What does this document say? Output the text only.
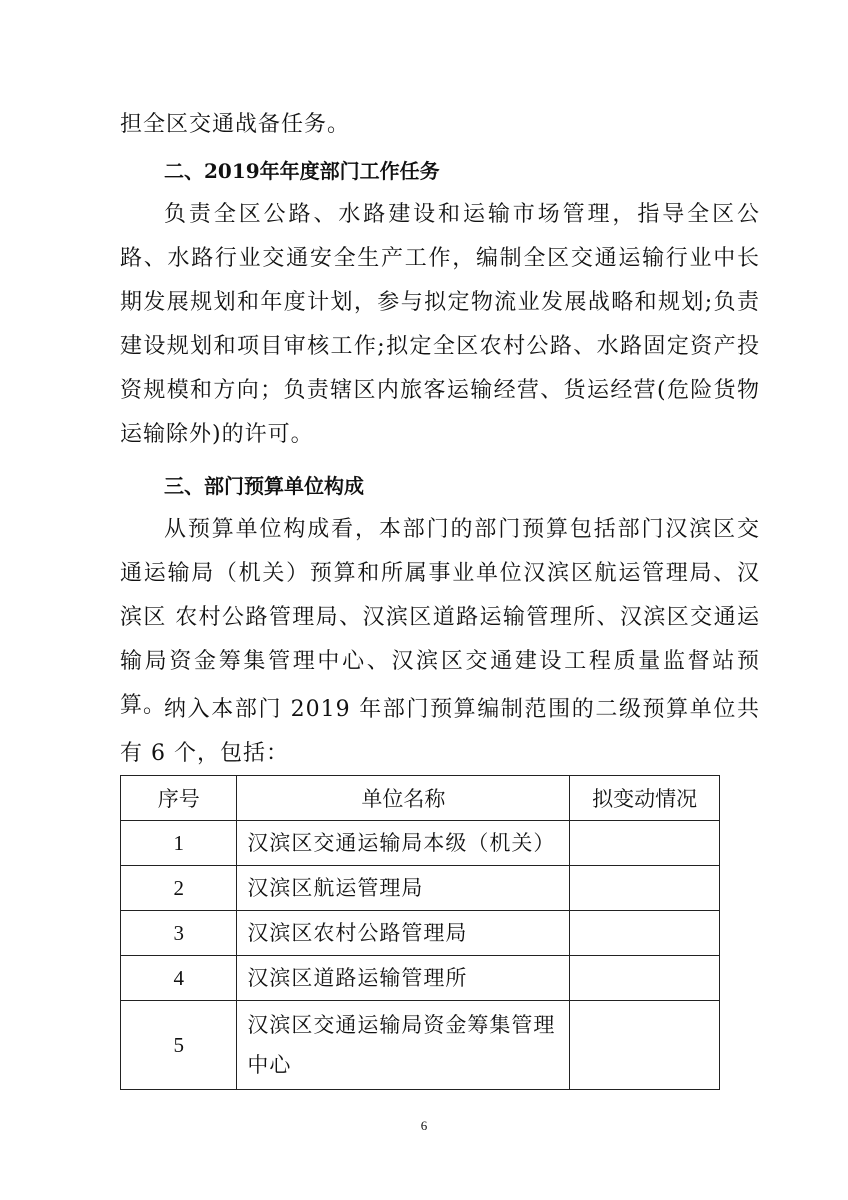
担全区交通战备任务。

二、2019年年度部门工作任务

负责全区公路、水路建设和运输市场管理，指导全区公路、水路行业交通安全生产工作，编制全区交通运输行业中长期发展规划和年度计划，参与拟定物流业发展战略和规划;负责建设规划和项目审核工作;拟定全区农村公路、水路固定资产投资规模和方向；负责辖区内旅客运输经营、货运经营(危险货物运输除外)的许可。

三、部门预算单位构成

从预算单位构成看，本部门的部门预算包括部门汉滨区交通运输局（机关）预算和所属事业单位汉滨区航运管理局、汉滨区 农村公路管理局、汉滨区道路运输管理所、汉滨区交通运输局资金筹集管理中心、汉滨区交通建设工程质量监督站预算。

纳入本部门 2019 年部门预算编制范围的二级预算单位共有 6 个，包括：

序号	单位名称	拟变动情况
1	汉滨区交通运输局本级（机关）	
2	汉滨区航运管理局	
3	汉滨区农村公路管理局	
4	汉滨区道路运输管理所	
5	汉滨区交通运输局资金筹集管理中心	
6
